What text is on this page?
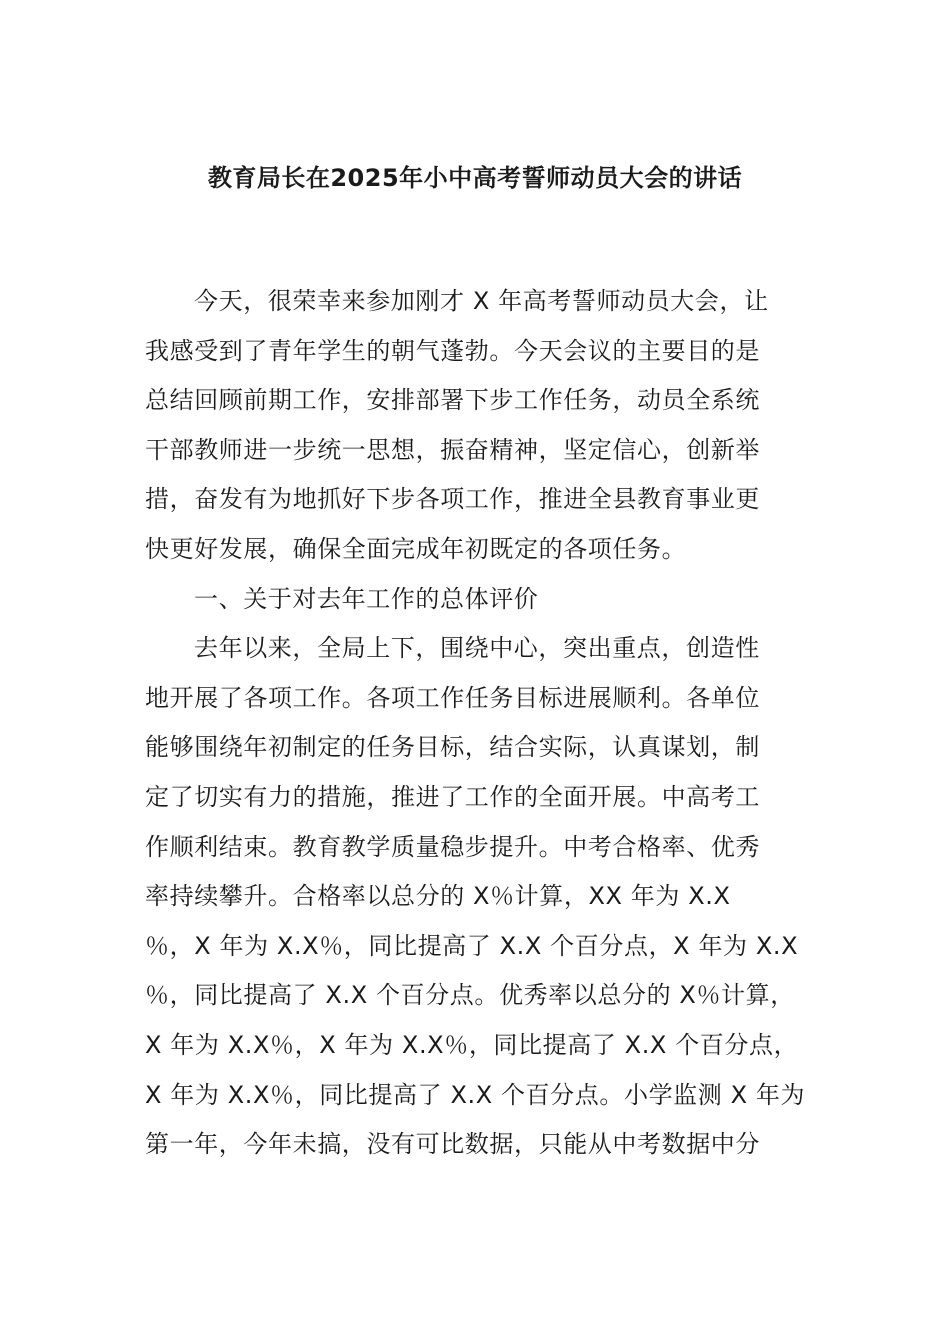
教育局长在2025年小中高考誓师动员大会的讲话
今天，很荣幸来参加刚才 X 年高考誓师动员大会，让
我感受到了青年学生的朝气蓬勃。今天会议的主要目的是
总结回顾前期工作，安排部署下步工作任务，动员全系统
干部教师进一步统一思想，振奋精神，坚定信心，创新举
措，奋发有为地抓好下步各项工作，推进全县教育事业更
快更好发展，确保全面完成年初既定的各项任务。
一、关于对去年工作的总体评价
去年以来，全局上下，围绕中心，突出重点，创造性
地开展了各项工作。各项工作任务目标进展顺利。各单位
能够围绕年初制定的任务目标，结合实际，认真谋划，制
定了切实有力的措施，推进了工作的全面开展。中高考工
作顺利结束。教育教学质量稳步提升。中考合格率、优秀
率持续攀升。合格率以总分的 X％计算，XX 年为 X.X
％，X 年为 X.X％，同比提高了 X.X 个百分点，X 年为 X.X
％，同比提高了 X.X 个百分点。优秀率以总分的 X％计算，
X 年为 X.X％，X 年为 X.X％，同比提高了 X.X 个百分点，
X 年为 X.X％，同比提高了 X.X 个百分点。小学监测 X 年为
第一年，今年未搞，没有可比数据，只能从中考数据中分
